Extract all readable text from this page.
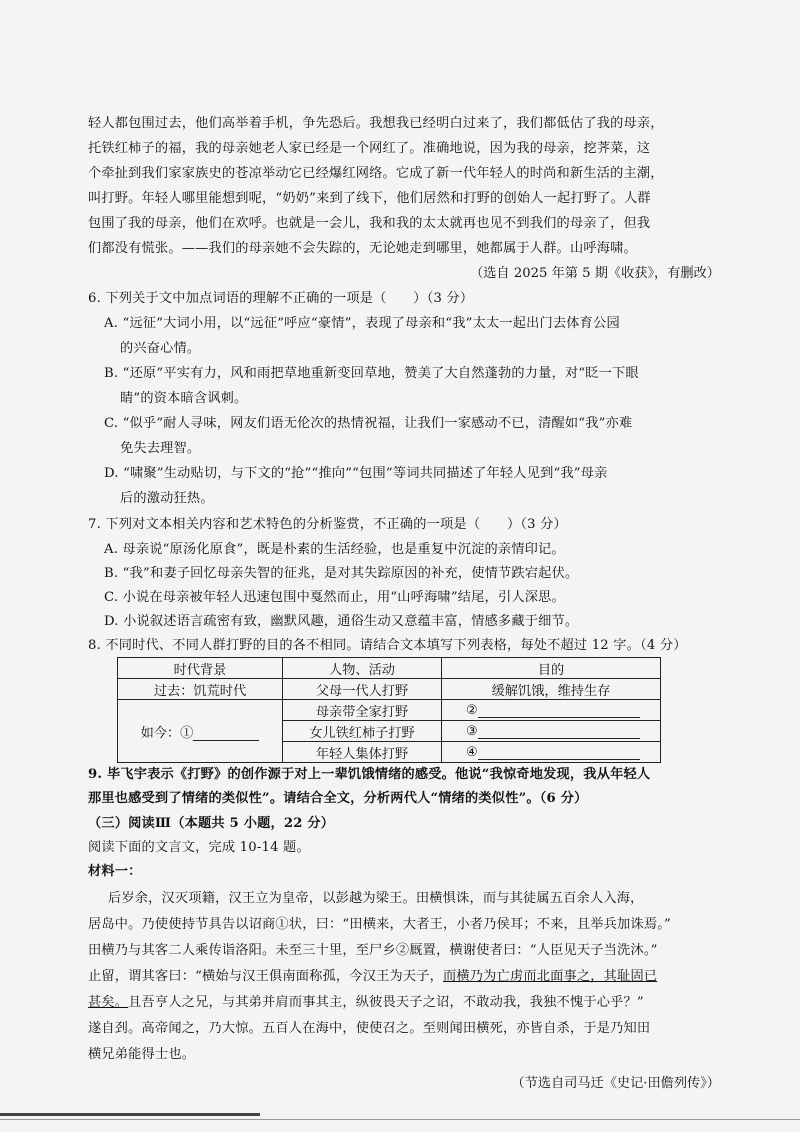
轻人都包围过去，他们高举着手机，争先恐后。我想我已经明白过来了，我们都低估了我的母亲，
托铁红柿子的福，我的母亲她老人家已经是一个网红了。准确地说，因为我的母亲，挖荠菜，这
个牵扯到我们家家族史的苍凉举动它已经爆红网络。它成了新一代年轻人的时尚和新生活的主潮，
叫打野。年轻人哪里能想到呢，“奶奶”来到了线下，他们居然和打野的创始人一起打野了。人群
包围了我的母亲，他们在欢呼。也就是一会儿，我和我的太太就再也见不到我们的母亲了，但我
们都没有慌张。——我们的母亲她不会失踪的，无论她走到哪里，她都属于人群。山呼海啸。
（选自 2025 年第 5 期《收获》，有删改）
6. 下列关于文中加点词语的理解不正确的一项是（　　）（3 分）
A. “远征”大词小用，以“远征”呼应“豪情”，表现了母亲和“我”太太一起出门去体育公园
的兴奋心情。
B. “还原”平实有力，风和雨把草地重新变回草地，赞美了大自然蓬勃的力量，对“眨一下眼
睛”的资本暗含讽刺。
C. “似乎”耐人寻味，网友们语无伦次的热情祝福，让我们一家感动不已，清醒如“我”亦难
免失去理智。
D. “啸聚”生动贴切，与下文的“抢”“推向”“包围”等词共同描述了年轻人见到“我”母亲
后的激动狂热。
7. 下列对文本相关内容和艺术特色的分析鉴赏，不正确的一项是（　　）（3 分）
A. 母亲说“原汤化原食”，既是朴素的生活经验，也是重复中沉淀的亲情印记。
B. “我”和妻子回忆母亲失智的征兆，是对其失踪原因的补充，使情节跌宕起伏。
C. 小说在母亲被年轻人迅速包围中戛然而止，用“山呼海啸”结尾，引人深思。
D. 小说叙述语言疏密有致，幽默风趣，通俗生动又意蕴丰富，情感多藏于细节。
8. 不同时代、不同人群打野的目的各不相同。请结合文本填写下列表格，每处不超过 12 字。（4 分）
时代背景	人物、活动	目的
过去：饥荒时代	父母一代人打野	缓解饥饿，维持生存
如今：①	母亲带全家打野	②
	女儿铁红柿子打野	③
	年轻人集体打野	④
9. 毕飞宇表示《打野》的创作源于对上一辈饥饿情绪的感受。他说“我惊奇地发现，我从年轻人
那里也感受到了情绪的类似性”。请结合全文，分析两代人“情绪的类似性”。（6 分）
（三）阅读Ⅲ（本题共 5 小题，22 分）
阅读下面的文言文，完成 10-14 题。
材料一：
后岁余，汉灭项籍，汉王立为皇帝，以彭越为梁王。田横惧诛，而与其徒属五百余人入海，
居岛中。乃使使持节具告以诏商①状，曰：“田横来，大者王，小者乃侯耳；不来，且举兵加诛焉。”
田横乃与其客二人乘传诣洛阳。未至三十里，至尸乡②厩置，横谢使者曰：“人臣见天子当洗沐。”
止留，谓其客曰：“横始与汉王俱南面称孤，今汉王为天子，而横乃为亡虏而北面事之，其耻固已
甚矣。且吾亨人之兄，与其弟并肩而事其主，纵彼畏天子之诏，不敢动我，我独不愧于心乎？”
遂自刭。高帝闻之，乃大惊。五百人在海中，使使召之。至则闻田横死，亦皆自杀，于是乃知田
横兄弟能得士也。
（节选自司马迁《史记·田儋列传》）
